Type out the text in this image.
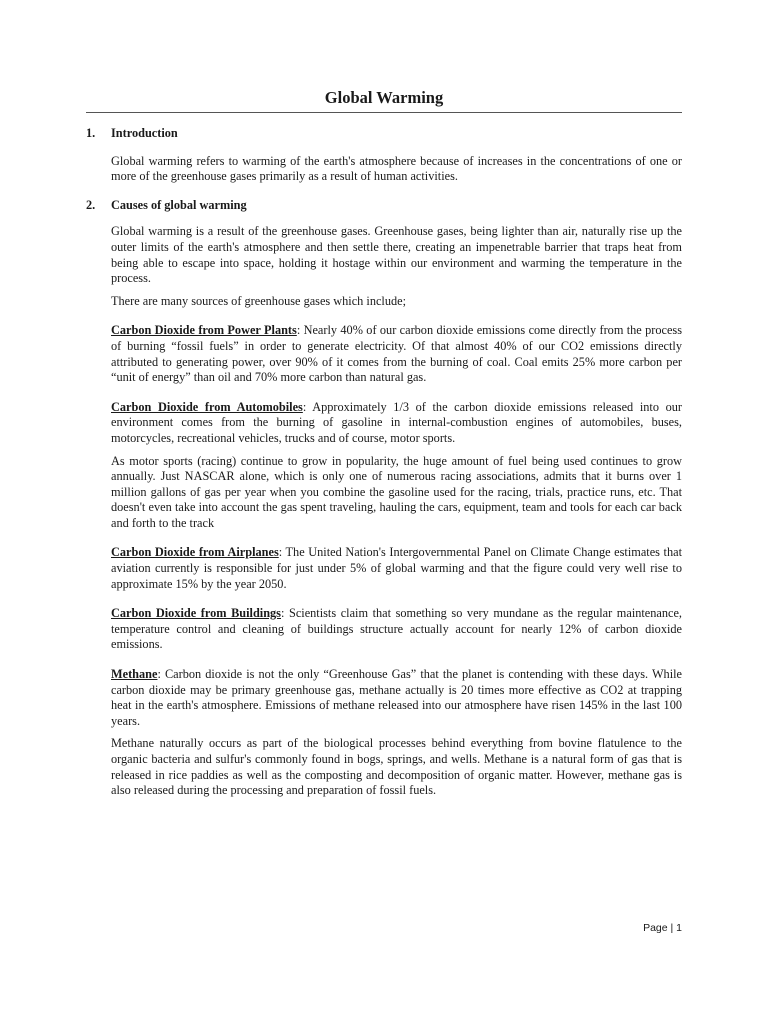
Global Warming
1.	Introduction

Global warming refers to warming of the earth's atmosphere because of increases in the concentrations of one or more of the greenhouse gases primarily as a result of human activities.

2.	Causes of global warming

Global warming is a result of the greenhouse gases. Greenhouse gases, being lighter than air, naturally rise up the outer limits of the earth's atmosphere and then settle there, creating an impenetrable barrier that traps heat from being able to escape into space, holding it hostage within our environment and warming the temperature in the process.

There are many sources of greenhouse gases which include;

Carbon Dioxide from Power Plants: Nearly 40% of our carbon dioxide emissions come directly from the process of burning “fossil fuels” in order to generate electricity. Of that almost 40% of our CO2 emissions directly attributed to generating power, over 90% of it comes from the burning of coal. Coal emits 25% more carbon per “unit of energy” than oil and 70% more carbon than natural gas.

Carbon Dioxide from Automobiles: Approximately 1/3 of the carbon dioxide emissions released into our environment comes from the burning of gasoline in internal-combustion engines of automobiles, buses, motorcycles, recreational vehicles, trucks and of course, motor sports.

As motor sports (racing) continue to grow in popularity, the huge amount of fuel being used continues to grow annually. Just NASCAR alone, which is only one of numerous racing associations, admits that it burns over 1 million gallons of gas per year when you combine the gasoline used for the racing, trials, practice runs, etc. That doesn't even take into account the gas spent traveling, hauling the cars, equipment, team and tools for each car back and forth to the track

Carbon Dioxide from Airplanes: The United Nation's Intergovernmental Panel on Climate Change estimates that aviation currently is responsible for just under 5% of global warming and that the figure could very well rise to approximate 15% by the year 2050.

Carbon Dioxide from Buildings: Scientists claim that something so very mundane as the regular maintenance, temperature control and cleaning of buildings structure actually account for nearly 12% of carbon dioxide emissions.

Methane: Carbon dioxide is not the only “Greenhouse Gas” that the planet is contending with these days. While carbon dioxide may be primary greenhouse gas, methane actually is 20 times more effective as CO2 at trapping heat in the earth's atmosphere. Emissions of methane released into our atmosphere have risen 145% in the last 100 years.

Methane naturally occurs as part of the biological processes behind everything from bovine flatulence to the organic bacteria and sulfur's commonly found in bogs, springs, and wells. Methane is a natural form of gas that is released in rice paddies as well as the composting and decomposition of organic matter. However, methane gas is also released during the processing and preparation of fossil fuels.

Page | 1
